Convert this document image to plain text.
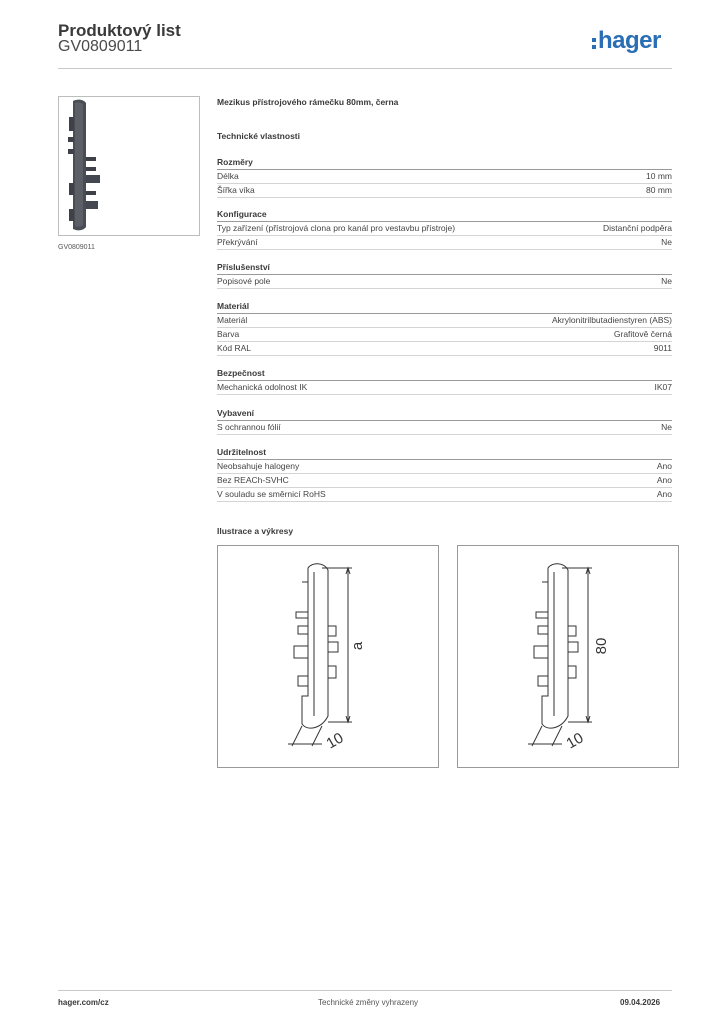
Produktový list
GV0809011	hager
GV0809011
Mezikus přístrojového rámečku 80mm, černa
Technické vlastnosti
Rozměry
Délka	10 mm
Šířka víka	80 mm
Konfigurace
Typ zařízení (přístrojová clona pro kanál pro vestavbu přístroje)	Distanční podpěra
Překrývání	Ne
Příslušenství
Popisové pole	Ne
Materiál
Materiál	Akrylonitrilbutadienstyren (ABS)
Barva	Grafitově černá
Kód RAL	9011
Bezpečnost
Mechanická odolnost IK	IK07
Vybavení
S ochrannou fólií	Ne
Udržitelnost
Neobsahuje halogeny	Ano
Bez REACh-SVHC	Ano
V souladu se směrnicí RoHS	Ano
Ilustrace a výkresy
a
10
80
10
hager.com/cz	Technické změny vyhrazeny	09.04.2026
